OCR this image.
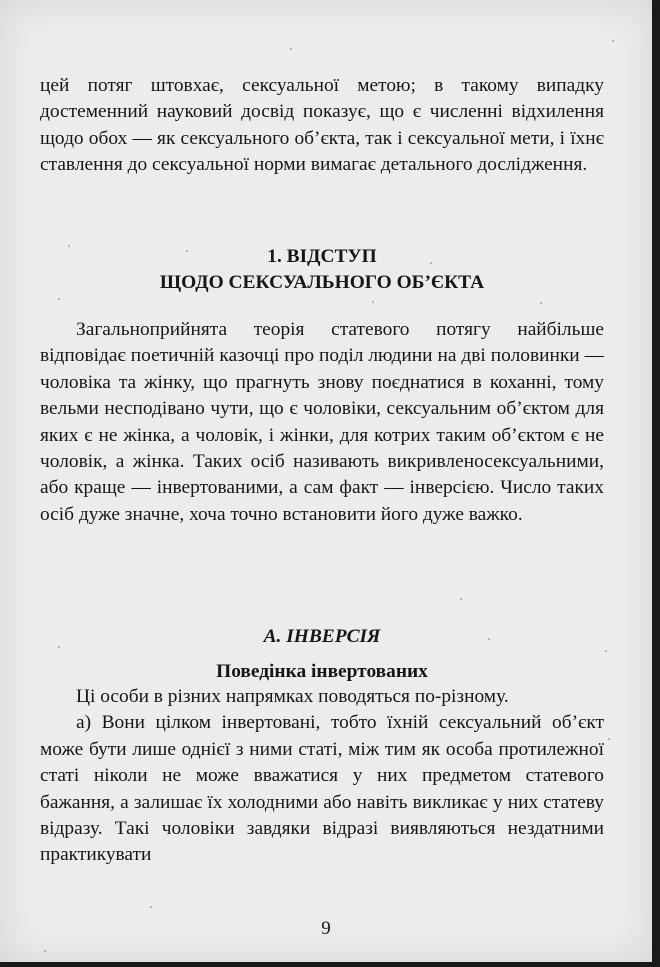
цей потяг штовхає, сексуальної метою; в такому випадку достеменний науковий досвід показує, що є численні відхилення щодо обох — як сексуального об’єкта, так і сексуальної мети, і їхнє ставлення до сексуальної норми вимагає детального дослідження.
1. ВІДСТУП
ЩОДО СЕКСУАЛЬНОГО ОБ’ЄКТА
Загальноприйнята теорія статевого потягу найбільше відповідає поетичній казочці про поділ людини на дві половинки — чоловіка та жінку, що прагнуть знову поєднатися в коханні, тому вельми несподівано чути, що є чоловіки, сексуальним об’єктом для яких є не жінка, а чоловік, і жінки, для котрих таким об’єктом є не чоловік, а жінка. Таких осіб називають викривленосексуальними, або краще — інвертованими, а сам факт — інверсією. Число таких осіб дуже значне, хоча точно встановити його дуже важко.
А. ІНВЕРСІЯ
Поведінка інвертованих
Ці особи в різних напрямках поводяться по-різному.
а) Вони цілком інвертовані, тобто їхній сексуальний об’єкт може бути лише однієї з ними статі, між тим як особа протилежної статі ніколи не може вважатися у них предметом статевого бажання, а залишає їх холодними або навіть викликає у них статеву відразу. Такі чоловіки завдяки відразі виявляються нездатними практикувати
9
